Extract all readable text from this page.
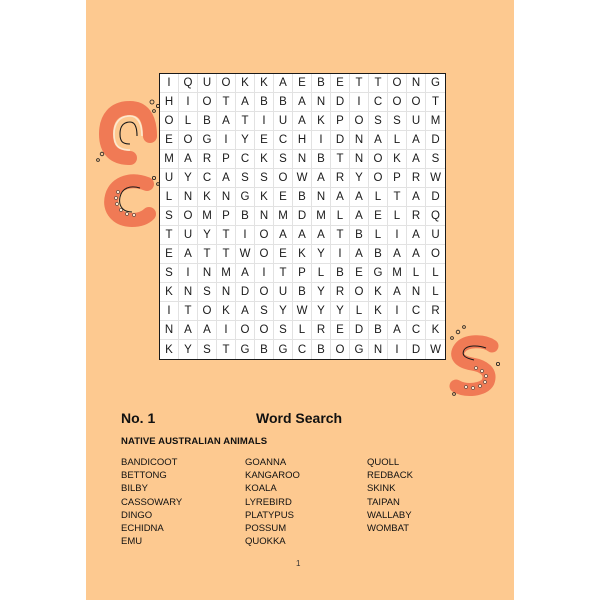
I	Q U O K K A E B E	T	T O N G
H	I	O T	A B B A N D	I	C O O	T
O L	B A	T	I	U A K P O S S U M
E O G	I	Y E C H	I	D N A	L	A	D
M A R P C K S N B	T N O K A	S
U Y C A S S O W A R Y O P R W
L	N K N G K E B N A A	L	T	A	D
S O M P B N M D M L	A E	L	R Q
T U Y	T	I	O A A A	T	B	L	I	A	U
E A	T	T W O E K Y	I	A B A A O
S	I	N M A	I	T	P	L	B E G M L	L
K N S N D O U B Y R O K A N	L
I	T O K A S Y W Y Y	L	K	I	C R
N A A	I	O O S	L	R E D B A C	K
K Y S	T G B G C B O G N	I	D W
No. 1	Word Search
NATIVE AUSTRALIAN ANIMALS
BANDICOOT
BETTONG
BILBY
CASSOWARY
DINGO
ECHIDNA
EMU
GOANNA
KANGAROO
KOALA
LYREBIRD
PLATYPUS
POSSUM
QUOKKA
QUOLL
REDBACK
SKINK
TAIPAN
WALLABY
WOMBAT
1
